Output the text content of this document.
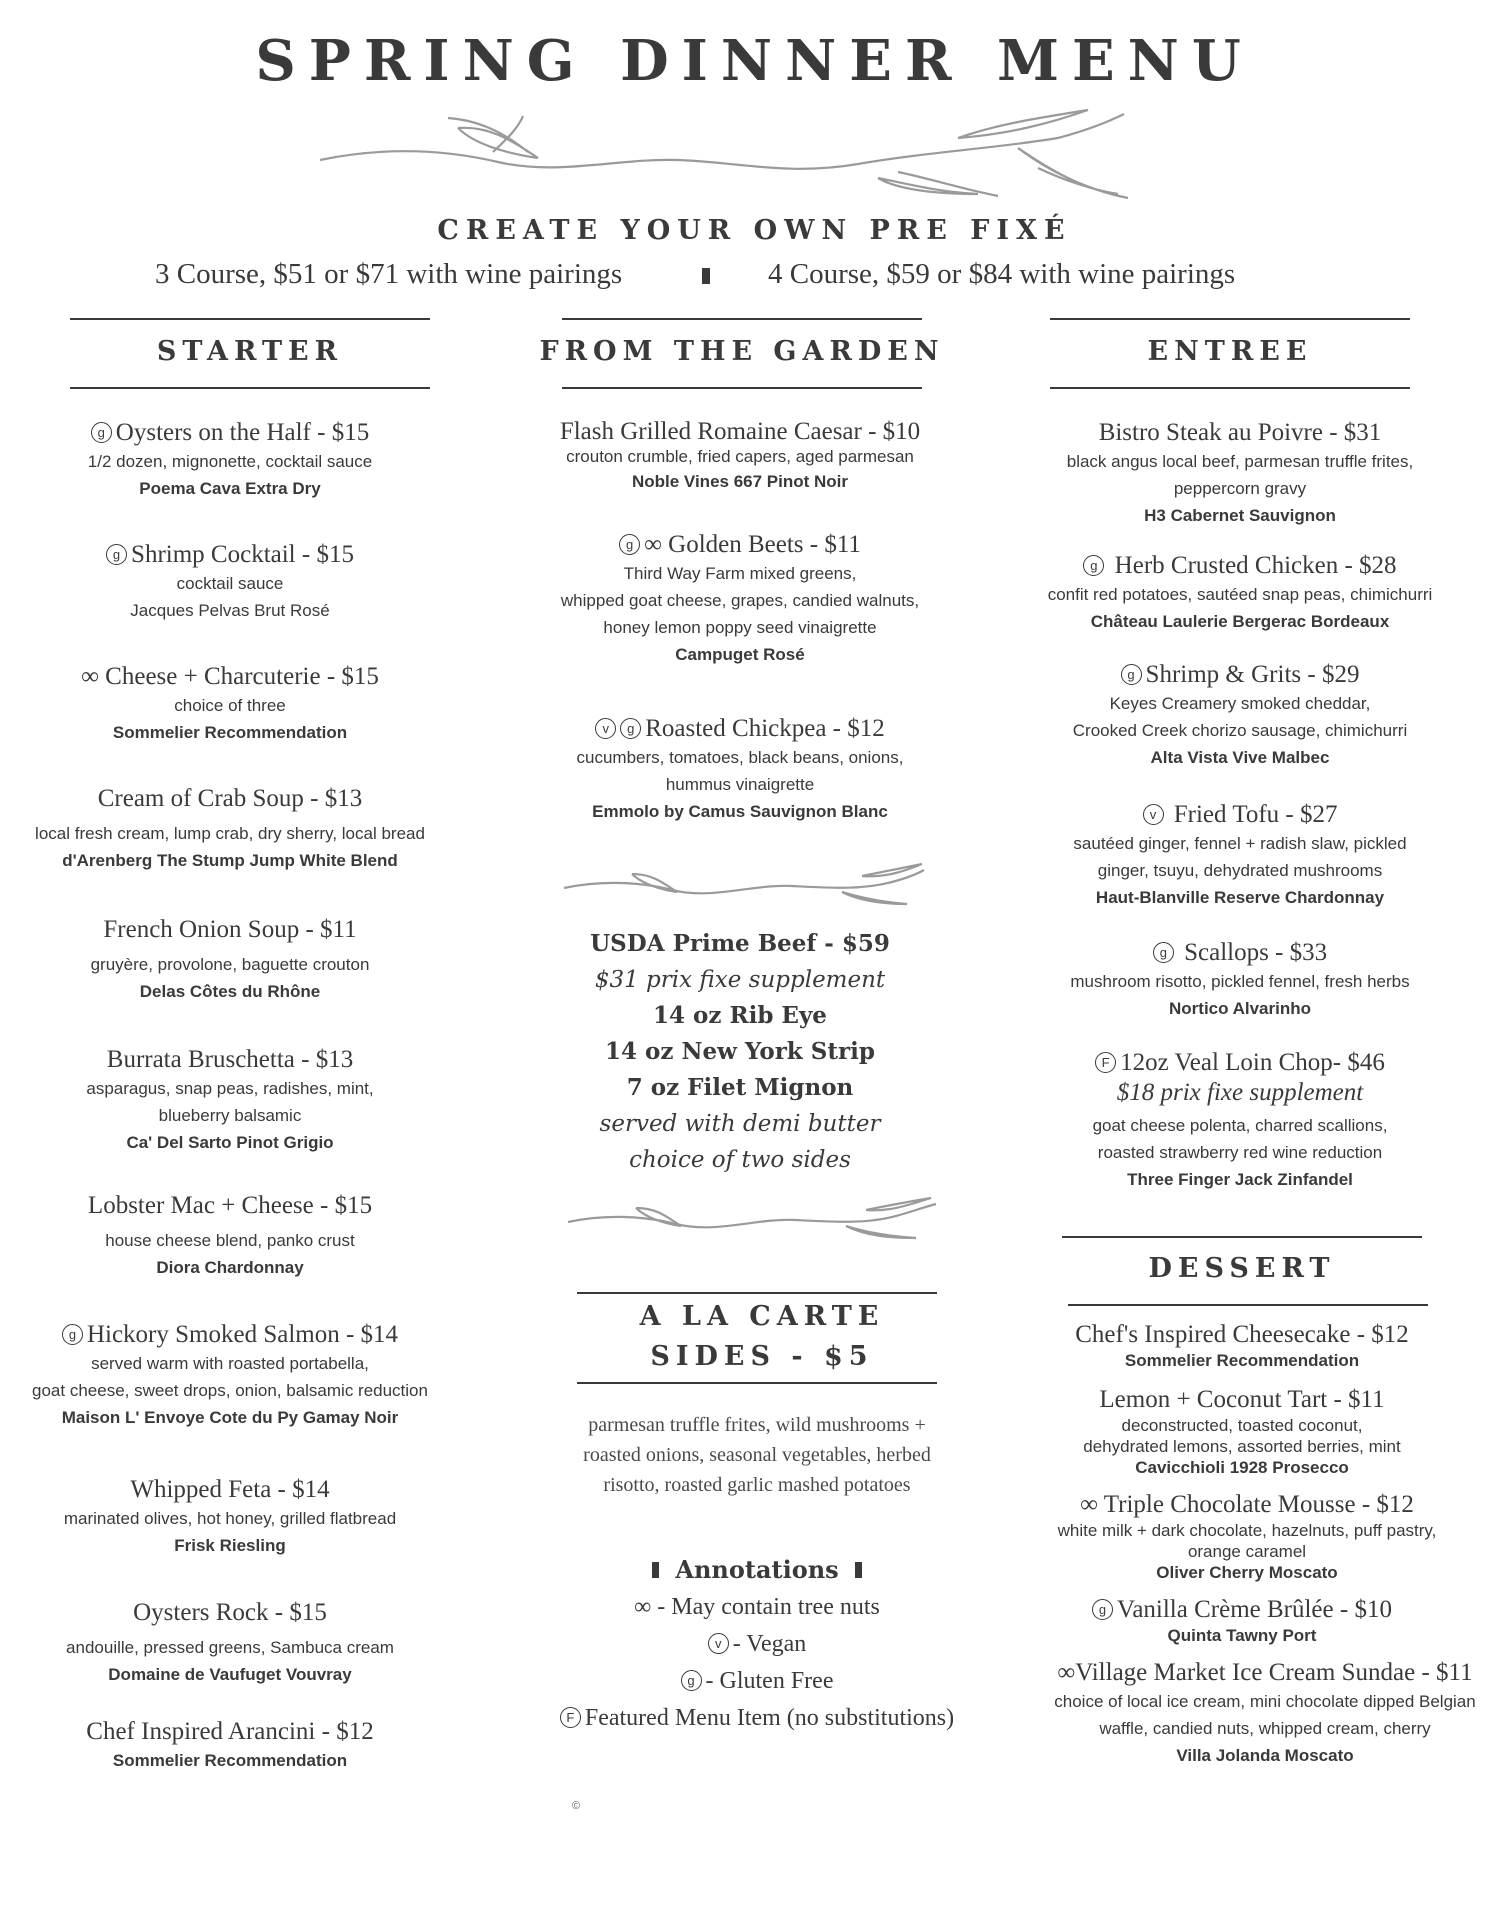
SPRING DINNER MENU
CREATE YOUR OWN PRE FIXÉ
3 Course, $51 or $71 with wine pairings	4 Course, $59 or $84 with wine pairings
STARTER
g Oysters on the Half - $15
1/2 dozen, mignonette, cocktail sauce
Poema Cava Extra Dry
g Shrimp Cocktail - $15
cocktail sauce
Jacques Pelvas Brut Rosé
∞ Cheese + Charcuterie - $15
choice of three
Sommelier Recommendation
Cream of Crab Soup - $13
local fresh cream, lump crab, dry sherry, local bread
d'Arenberg The Stump Jump White Blend
French Onion Soup - $11
gruyère, provolone, baguette crouton
Delas Côtes du Rhône
Burrata Bruschetta - $13
asparagus, snap peas, radishes, mint,
blueberry balsamic
Ca' Del Sarto Pinot Grigio
Lobster Mac + Cheese - $15
house cheese blend, panko crust
Diora Chardonnay
g Hickory Smoked Salmon - $14
served warm with roasted portabella,
goat cheese, sweet drops, onion, balsamic reduction
Maison L' Envoye Cote du Py Gamay Noir
Whipped Feta - $14
marinated olives, hot honey, grilled flatbread
Frisk Riesling
Oysters Rock - $15
andouille, pressed greens, Sambuca cream
Domaine de Vaufuget Vouvray
Chef Inspired Arancini - $12
Sommelier Recommendation
FROM THE GARDEN
Flash Grilled Romaine Caesar - $10
crouton crumble, fried capers, aged parmesan
Noble Vines 667 Pinot Noir
g ∞ Golden Beets - $11
Third Way Farm mixed greens,
whipped goat cheese, grapes, candied walnuts,
honey lemon poppy seed vinaigrette
Campuget Rosé
v g Roasted Chickpea - $12
cucumbers, tomatoes, black beans, onions,
hummus vinaigrette
Emmolo by Camus Sauvignon Blanc
USDA Prime Beef - $59
$31 prix fixe supplement
14 oz Rib Eye
14 oz New York Strip
7 oz Filet Mignon
served with demi butter
choice of two sides
A LA CARTE
SIDES - $5
parmesan truffle frites, wild mushrooms +
roasted onions, seasonal vegetables, herbed
risotto, roasted garlic mashed potatoes
Annotations
∞ - May contain tree nuts
v - Vegan
g - Gluten Free
F Featured Menu Item (no substitutions)
©
ENTREE
Bistro Steak au Poivre - $31
black angus local beef, parmesan truffle frites,
peppercorn gravy
H3 Cabernet Sauvignon
g Herb Crusted Chicken - $28
confit red potatoes, sautéed snap peas, chimichurri
Château Laulerie Bergerac Bordeaux
g Shrimp & Grits - $29
Keyes Creamery smoked cheddar,
Crooked Creek chorizo sausage, chimichurri
Alta Vista Vive Malbec
v Fried Tofu - $27
sautéed ginger, fennel + radish slaw, pickled
ginger, tsuyu, dehydrated mushrooms
Haut-Blanville Reserve Chardonnay
g Scallops - $33
mushroom risotto, pickled fennel, fresh herbs
Nortico Alvarinho
F 12oz Veal Loin Chop- $46
$18 prix fixe supplement
goat cheese polenta, charred scallions,
roasted strawberry red wine reduction
Three Finger Jack Zinfandel
DESSERT
Chef's Inspired Cheesecake - $12
Sommelier Recommendation
Lemon + Coconut Tart - $11
deconstructed, toasted coconut,
dehydrated lemons, assorted berries, mint
Cavicchioli 1928 Prosecco
∞ Triple Chocolate Mousse - $12
white milk + dark chocolate, hazelnuts, puff pastry,
orange caramel
Oliver Cherry Moscato
g Vanilla Crème Brûlée - $10
Quinta Tawny Port
∞Village Market Ice Cream Sundae - $11
choice of local ice cream, mini chocolate dipped Belgian
waffle, candied nuts, whipped cream, cherry
Villa Jolanda Moscato
